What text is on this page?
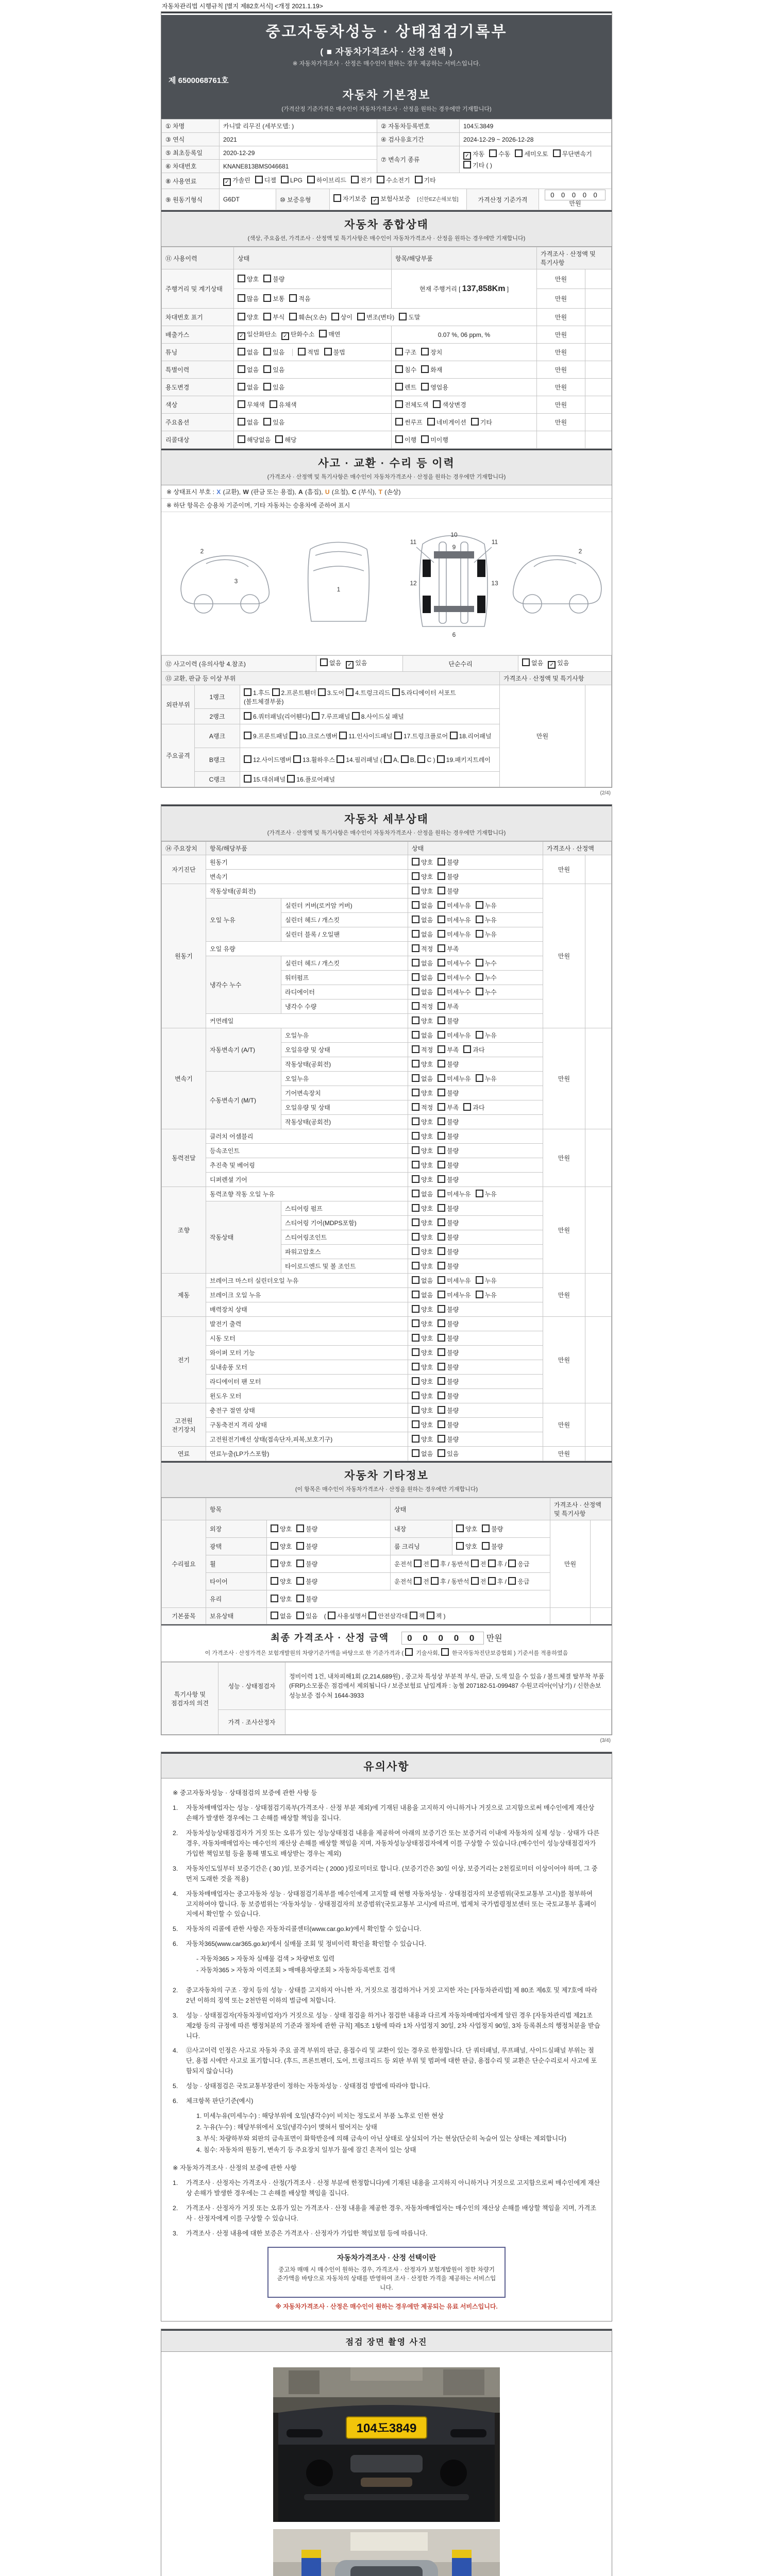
자동차관리법 시행규칙 [별지 제82호서식] <개정 2021.1.19>
중고자동차성능 · 상태점검기록부
( ■ 자동차가격조사 · 산정 선택 )
※ 자동차가격조사 · 산정은 매수인이 원하는 경우 제공하는 서비스입니다.
제 6500068761호
자동차 기본정보
(가격산정 기준가격은 매수인이 자동차가격조사 · 산정을 원하는 경우에만 기재합니다)
① 차명	카니발 리무진 (세부모델: )	② 자동차등록번호	104도3849
③ 연식	2021	④ 검사유효기간	2024-12-29 ~ 2026-12-28
⑤ 최초등록일	2020-12-29	⑦ 변속기 종류	✓ 자동 수동 세미오토 무단변속기기타 ( )
⑥ 차대번호	KNANE813BMS046681		
⑧ 사용연료	✓ 가솔린 디젤 LPG 하이브리드 전기 수소전기 기타		
⑨ 원동기형식	G6DT	⑩ 보증유형	자기보증 ✓ 보험사보증 [신한EZ손해보험]	가격산정 기준가격	0 0 0 0 0 만원
자동차 종합상태
(색상, 주요옵션, 가격조사 · 산정액 및 특기사항은 매수인이 자동차가격조사 · 산정을 원하는 경우에만 기재합니다)
⑪ 사용이력	상태	항목/해당부품	가격조사 · 산정액 및 특기사항	
주행거리 및 계기상태	양호 불량	현재 주행거리 [ 137,858Km ]	만원	
	많음 보통 적음		만원	
차대번호 표기	양호 부식 훼손(오손) 상이 변조(변타) 도말		만원	
배출가스	✓ 일산화탄소 ✓ 탄화수소 매연	0.07 %, 06 ppm, %	만원	
튜닝	없음 있음 적법 불법	구조 장치	만원	
특별이력	없음 있음	침수 화재	만원	
용도변경	없음 있음	렌트 영업용	만원	
색상	무채색 유채색	전체도색 색상변경	만원	
주요옵션	없음 있음	썬루프 네비게이션 기타	만원	
리콜대상	해당없음 해당	이행 미이행		
사고 · 교환 · 수리 등 이력
(가격조사 · 산정액 및 특기사항은 매수인이 자동차가격조사 · 산정을 원하는 경우에만 기재합니다)
※ 상태표시 부호 : X (교환), W (판금 또는 용접), A (흠집), U (요철), C (부식), T (손상)
※ 하단 항목은 승용차 기준이며, 기타 자동차는 승용차에 준하여 표시
2
3
1
11	11
9
10
12	13
6
2
⑫ 사고이력 (유의사항 4.참조)	없음 ✓ 있음	단순수리	없음 ✓ 있음
⑬ 교환, 판금 등 이상 부위	가격조사 · 산정액 및 특기사항
외판부위	1랭크	1.후드 2.프론트휀더 3.도어 4.트렁크리드 5.라디에이터 서포트(볼트체결부품)	만원	
	2랭크	6.쿼터패널(리어휀다) 7.루프패널 8.사이드실 패널		
주요골격	A랭크	9.프론트패널 10.크로스멤버 11.인사이드패널 17.트렁크플로어 18.리어패널		
	B랭크	12.사이드멤버 13.휠하우스 14.필러패널 ( A, B, C ) 19.패키지트레이		
	C랭크	15.대쉬패널 16.플로어패널		
(2/4)
자동차 세부상태
(가격조사 · 산정액 및 특기사항은 매수인이 자동차가격조사 · 산정을 원하는 경우에만 기재합니다)
⑭ 주요장치	항목/해당부품		상태	가격조사 · 산정액	
자기진단	원동기		양호 불량	만원	
	변속기		양호 불량		
원동기	작동상태(공회전)		양호 불량	만원	
	오일 누유	실린더 커버(로커암 커버)	없음 미세누유 누유		
		실린더 헤드 / 개스킷	없음 미세누유 누유		
		실린더 블록 / 오일팬	없음 미세누유 누유		
	오일 유량		적정 부족		
	냉각수 누수	실린더 헤드 / 개스킷	없음 미세누수 누수		
		워터펌프	없음 미세누수 누수		
		라디에이터	없음 미세누수 누수		
		냉각수 수량	적정 부족		
	커먼레일		양호 불량		
변속기	자동변속기 (A/T)	오일누유	없음 미세누유 누유	만원	
		오일유량 및 상태	적정 부족 과다		
		작동상태(공회전)	양호 불량		
	수동변속기 (M/T)	오일누유	없음 미세누유 누유		
		기어변속장치	양호 불량		
		오일유량 및 상태	적정 부족 과다		
		작동상태(공회전)	양호 불량		
동력전달	클러치 어셈블리		양호 불량	만원	
	등속조인트		양호 불량		
	추진축 및 베어링		양호 불량		
	디퍼렌셜 기어		양호 불량		
조향	동력조향 작동 오일 누유		없음 미세누유 누유	만원	
	작동상태	스티어링 펌프	양호 불량		
		스티어링 기어(MDPS포함)	양호 불량		
		스티어링조인트	양호 불량		
		파워고압호스	양호 불량		
		타이로드엔드 및 볼 조인트	양호 불량		
제동	브레이크 마스터 실린더오일 누유		없음 미세누유 누유	만원	
	브레이크 오일 누유		없음 미세누유 누유		
	배력장치 상태		양호 불량		
전기	발전기 출력		양호 불량	만원	
	시동 모터		양호 불량		
	와이퍼 모터 기능		양호 불량		
	실내송풍 모터		양호 불량		
	라디에이터 팬 모터		양호 불량		
	윈도우 모터		양호 불량		
고전원 전기장치	충전구 절연 상태		양호 불량	만원	
	구동축전지 격리 상태		양호 불량		
	고전원전기배선 상태(접속단자,피복,보호기구)		양호 불량		
연료	연료누출(LP가스포함)		없음 있음	만원	
자동차 기타정보
(이 항목은 매수인이 자동차가격조사 · 산정을 원하는 경우에만 기재합니다)
	항목		상태		가격조사 · 산정액 및 특기사항	
수리필요	외장	양호 불량	내장	양호 불량	만원	
	광택	양호 불량	룸 크리닝	양호 불량		
	휠	양호 불량	운전석 전 후 / 동반석 전 후 / 응급			
	타이어	양호 불량	운전석 전 후 / 동반석 전 후 / 응급			
	유리	양호 불량				
기본품목	보유상태	없음 있음 ( 사용설명서 안전삼각대 잭 잭 )				
최종 가격조사 · 산정 금액 0 0 0 0 0 만원
이 가격조사 · 산정가격은 보험개발원의 차량기준가액을 바탕으로 한 기준가격과 (  기술사회,  한국자동차진단보증협회 ) 기준서를 적용하였음
특기사항 및 점검자의 의견	성능 · 상태점검자	정비이력 1건, 내차피해1회 (2,214,689원) , 중고차 특성상 부분적 부식, 판금, 도색 있을 수 있음 / 볼트체결 탈부착 부품(FRP)소모품은 점검에서 제외됩니다 / 보증보험료 납입계좌 : 농협 207182-51-099487 수원코리아(이남기) / 신한손보 성능보증 접수처 1644-3933
	가격 · 조사산정자	
(3/4)
유의사항
※ 중고자동차성능 · 상태점검의 보증에 관한 사항 등
1.	자동차매매업자는 성능 · 상태점검기록부(가격조사 · 산정 부분 제외)에 기재된 내용을 고지하지 아니하거나 거짓으로 고지함으로써 매수인에게 재산상 손해가 발생한 경우에는 그 손해를 배상할 책임을 집니다.
2.	자동차성능상태점검자가 거짓 또는 오류가 있는 성능상태점검 내용을 제공하여 아래의 보증기간 또는 보증거리 이내에 자동차의 실제 성능 · 상태가 다른 경우, 자동차매매업자는 매수인의 재산상 손해를 배상할 책임을 지며, 자동차성능상태점검자에게 이를 구상할 수 있습니다.(매수인이 성능상태점검자가 가입한 책임보험 등을 통해 별도로 배상받는 경우는 제외)
3.	자동차인도일부터 보증기간은 ( 30 )일, 보증거리는 ( 2000 )킬로미터로 합니다. (보증기간은 30일 이상, 보증거리는 2천킬로미터 이상이어야 하며, 그 중 먼저 도래한 것을 적용)
4.	자동차매매업자는 중고자동차 성능 · 상태점검기록부를 매수인에게 고지할 때 현행 자동차성능 · 상태점검자의 보증범위(국토교통부 고시)를 첨부하여 고지하여야 합니다. 동 보증범위는 '자동차성능 · 상태점검자의 보증범위'(국토교통부 고시)에 따르며, 법제처 국가법령정보센터 또는 국토교통부 홈페이지에서 확인할 수 있습니다.
5.	자동차의 리콜에 관한 사항은 자동차리콜센터(www.car.go.kr)에서 확인할 수 있습니다.
6.	자동차365(www.car365.go.kr)에서 실매물 조회 및 정비이력 확인을 확인할 수 있습니다.
- 자동차365 > 자동차 실매물 검색 > 차량번호 입력
- 자동차365 > 자동차 이력조회 > 매매용차량조회 > 자동차등록번호 검색
2.	중고자동차의 구조 · 장치 등의 성능 · 상태를 고지하지 아니한 자, 거짓으로 점검하거나 거짓 고지한 자는 [자동차관리법] 제 80조 제6호 및 제7호에 따라 2년 이하의 징역 또는 2천만원 이하의 벌금에 처합니다.
3.	성능 · 상태점검자(자동차정비업자)가 거짓으로 성능 · 상태 점검을 하거나 점검한 내용과 다르게 자동차매매업자에게 알린 경우 [자동차관리법 제21조 제2항 등의 규정에 따른 행정처분의 기준과 절차에 관한 규칙] 제5조 1항에 따라 1차 사업정지 30일, 2차 사업정지 90일, 3차 등록취소의 행정처분을 받습니다.
4.	⑫사고이력 인정은 사고로 자동차 주요 골격 부위의 판금, 용접수리 및 교환이 있는 경우로 한정합니다. 단 쿼터패널, 루프패널, 사이드실패널 부위는 절단, 용접 시에만 사고로 표기합니다. (후드, 프론트펜더, 도어, 트렁크리드 등 외판 부위 및 범퍼에 대한 판금, 용접수리 및 교환은 단순수리로서 사고에 포함되지 않습니다)
5.	성능 · 상태점검은 국토교통부장관이 정하는 자동차성능 · 상태점검 방법에 따라야 합니다.
6.	체크항목 판단기준(예시)
1. 미세누유(미세누수) : 해당부위에 오일(냉각수)이 비치는 정도로서 부품 노후로 인한 현상
2. 누유(누수) : 해당부위에서 오일(냉각수)이 맺혀서 떨어지는 상태
3. 부식: 차량하부와 외판의 금속표면이 화학반응에 의해 금속이 아닌 상태로 상실되어 가는 현상(단순히 녹슬어 있는 상태는 제외합니다)
4. 침수: 자동차의 원동기, 변속기 등 주요장치 일부가 물에 잠긴 흔적이 있는 상태
※ 자동차가격조사 · 산정의 보증에 관한 사항
1.	가격조사 · 산정자는 가격조사 · 산정(가격조사 · 산정 부분에 한정합니다)에 기재된 내용을 고지하지 아니하거나 거짓으로 고지함으로써 매수인에게 재산상 손해가 발생한 경우에는 그 손해를 배상할 책임을 집니다.
2.	가격조사 · 산정자가 거짓 또는 오류가 있는 가격조사 · 산정 내용을 제공한 경우, 자동차매매업자는 매수인의 재산상 손해를 배상할 책임을 지며, 가격조사 · 산정자에게 이를 구상할 수 있습니다.
3.	가격조사 · 산정 내용에 대한 보증은 가격조사 · 산정자가 가입한 책임보험 등에 따릅니다.
자동차가격조사 · 산정 선택이란
중고차 매매 시 매수인이 원하는 경우, 가격조사 · 산정자가 보험개발원이 정한 차량기준가액을 바탕으로 자동차의 상태를 반영하여 조사 · 산정한 가격을 제공하는 서비스입니다.
※ 자동차가격조사 · 산정은 매수인이 원하는 경우에만 제공되는 유료 서비스입니다.
점검 장면 촬영 사진
104도3849
